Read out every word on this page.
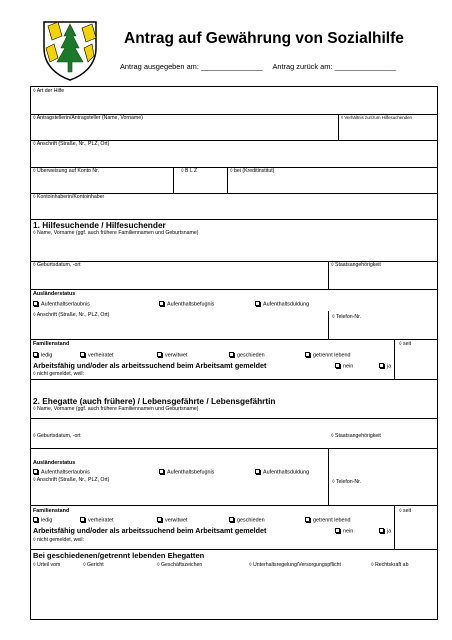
Antrag auf Gewährung von Sozialhilfe
Antrag ausgegeben am: _______________ Antrag zurück am: _______________
◊ Art der Hilfe
◊ Antragstellerin/Antragsteller (Name, Vorname)	◊ Verhältnis zur/zum Hilfesuchenden
◊ Anschrift (Straße, Nr., PLZ, Ort)
◊ Überweisung auf Konto Nr.	◊ B L Z	◊ bei (Kreditinstitut)
◊ Kontoinhaberin/Kontoinhaber
1. Hilfesuchende / Hilfesuchender
◊ Name, Vorname (ggf. auch frühere Familiennamen und Geburtsname)
◊ Geburtsdatum, -ort	◊ Staatsangehörigkeit
Ausländerstatus
Aufenthaltserlaubnis	Aufenthaltsbefugnis	Aufenthaltsduldung
◊ Anschrift (Straße, Nr., PLZ, Ort)	◊ Telefon-Nr.
Familienstand	◊ seit
ledig	verheiratet	verwitwet	geschieden	getrennt lebend
Arbeitsfähig und/oder als arbeitssuchend beim Arbeitsamt gemeldet	nein	ja
◊ nicht gemeldet, weil:
2. Ehegatte (auch frühere) / Lebensgefährte / Lebensgefährtin
◊ Name, Vorname (ggf. auch frühere Familiennamen und Geburtsname)
◊ Geburtsdatum, -ort	◊ Staatsangehörigkeit
Ausländerstatus
Aufenthaltserlaubnis	Aufenthaltsbefugnis	Aufenthaltsduldung
◊ Anschrift (Straße, Nr., PLZ, Ort)	◊ Telefon-Nr.
Familienstand	◊ seit
ledig	verheiratet	verwitwet	geschieden	getrennt lebend
Arbeitsfähig und/oder als arbeitssuchend beim Arbeitsamt gemeldet	nein	ja
◊ nicht gemeldet, weil:
Bei geschiedenen/getrennt lebenden Ehegatten
◊ Urteil vom	◊ Gericht	◊ Geschäftszeichen	◊ Unterhaltsregelung/Versorgungspflicht	◊ Rechtskraft ab
